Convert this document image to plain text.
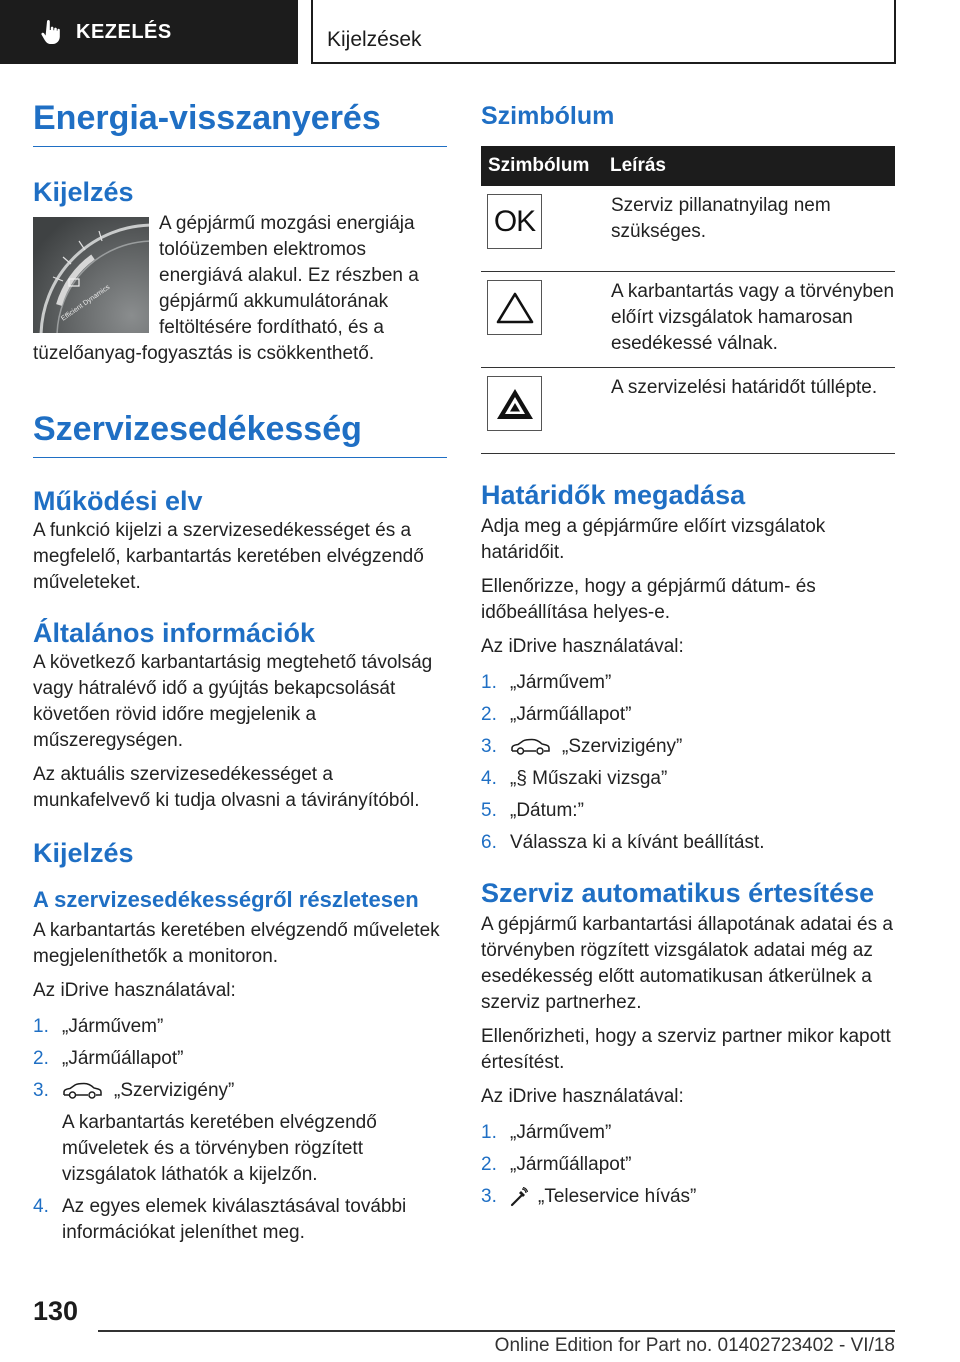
KEZELÉS	Kijelzések
Energia-visszanyerés
Kijelzés
Efficient Dynamics

A gépjármű mozgási energiája tolóüzemben elektromos energiává alakul. Ez részben a gépjármű akkumulátorának feltöltésére fordítható, és a tüzelőanyag-fogyasztás is csökkenthető.

Szervizesedékesség
Működési elv

A funkció kijelzi a szervizesedékességet és a megfelelő, karbantartás keretében elvégzendő műveleteket.

Általános információk

A következő karbantartásig megtehető távolság vagy hátralévő idő a gyújtás bekapcsolását követően rövid időre megjelenik a műszeregységen.

Az aktuális szervizesedékességet a munkafelvevő ki tudja olvasni a távirányítóból.

Kijelzés
A szervizesedékességről részletesen

A karbantartás keretében elvégzendő műveletek megjeleníthetők a monitoron.

Az iDrive használatával:

1. „Járművem”
2. „Járműállapot”
3.	„Szervizigény”
A karbantartás keretében elvégzendő műveletek és a törvényben rögzített vizsgálatok láthatók a kijelzőn.
4. Az egyes elemek kiválasztásával további információkat jeleníthet meg.
Szimbólum
Szimbólum	Leírás

OK	Szerviz pillanatnyilag nem szükséges.

	A karbantartás vagy a törvényben előírt vizsgálatok hamarosan esedékessé válnak.

	A szervizelési határidőt túllépte.
Határidők megadása

Adja meg a gépjárműre előírt vizsgálatok határidőit.

Ellenőrizze, hogy a gépjármű dátum- és időbeállítása helyes-e.

Az iDrive használatával:

1. „Járművem”
2. „Járműállapot”
3.	„Szervizigény”
4. „§ Műszaki vizsga”
5. „Dátum:”
6. Válassza ki a kívánt beállítást.
Szerviz automatikus értesítése

A gépjármű karbantartási állapotának adatai és a törvényben rögzített vizsgálatok adatai még az esedékesség előtt automatikusan átkerülnek a szerviz partnerhez.

Ellenőrizheti, hogy a szerviz partner mikor kapott értesítést.

Az iDrive használatával:

1. „Járművem”
2. „Járműállapot”
3. „Teleservice hívás”
130
Online Edition for Part no. 01402723402 - VI/18
